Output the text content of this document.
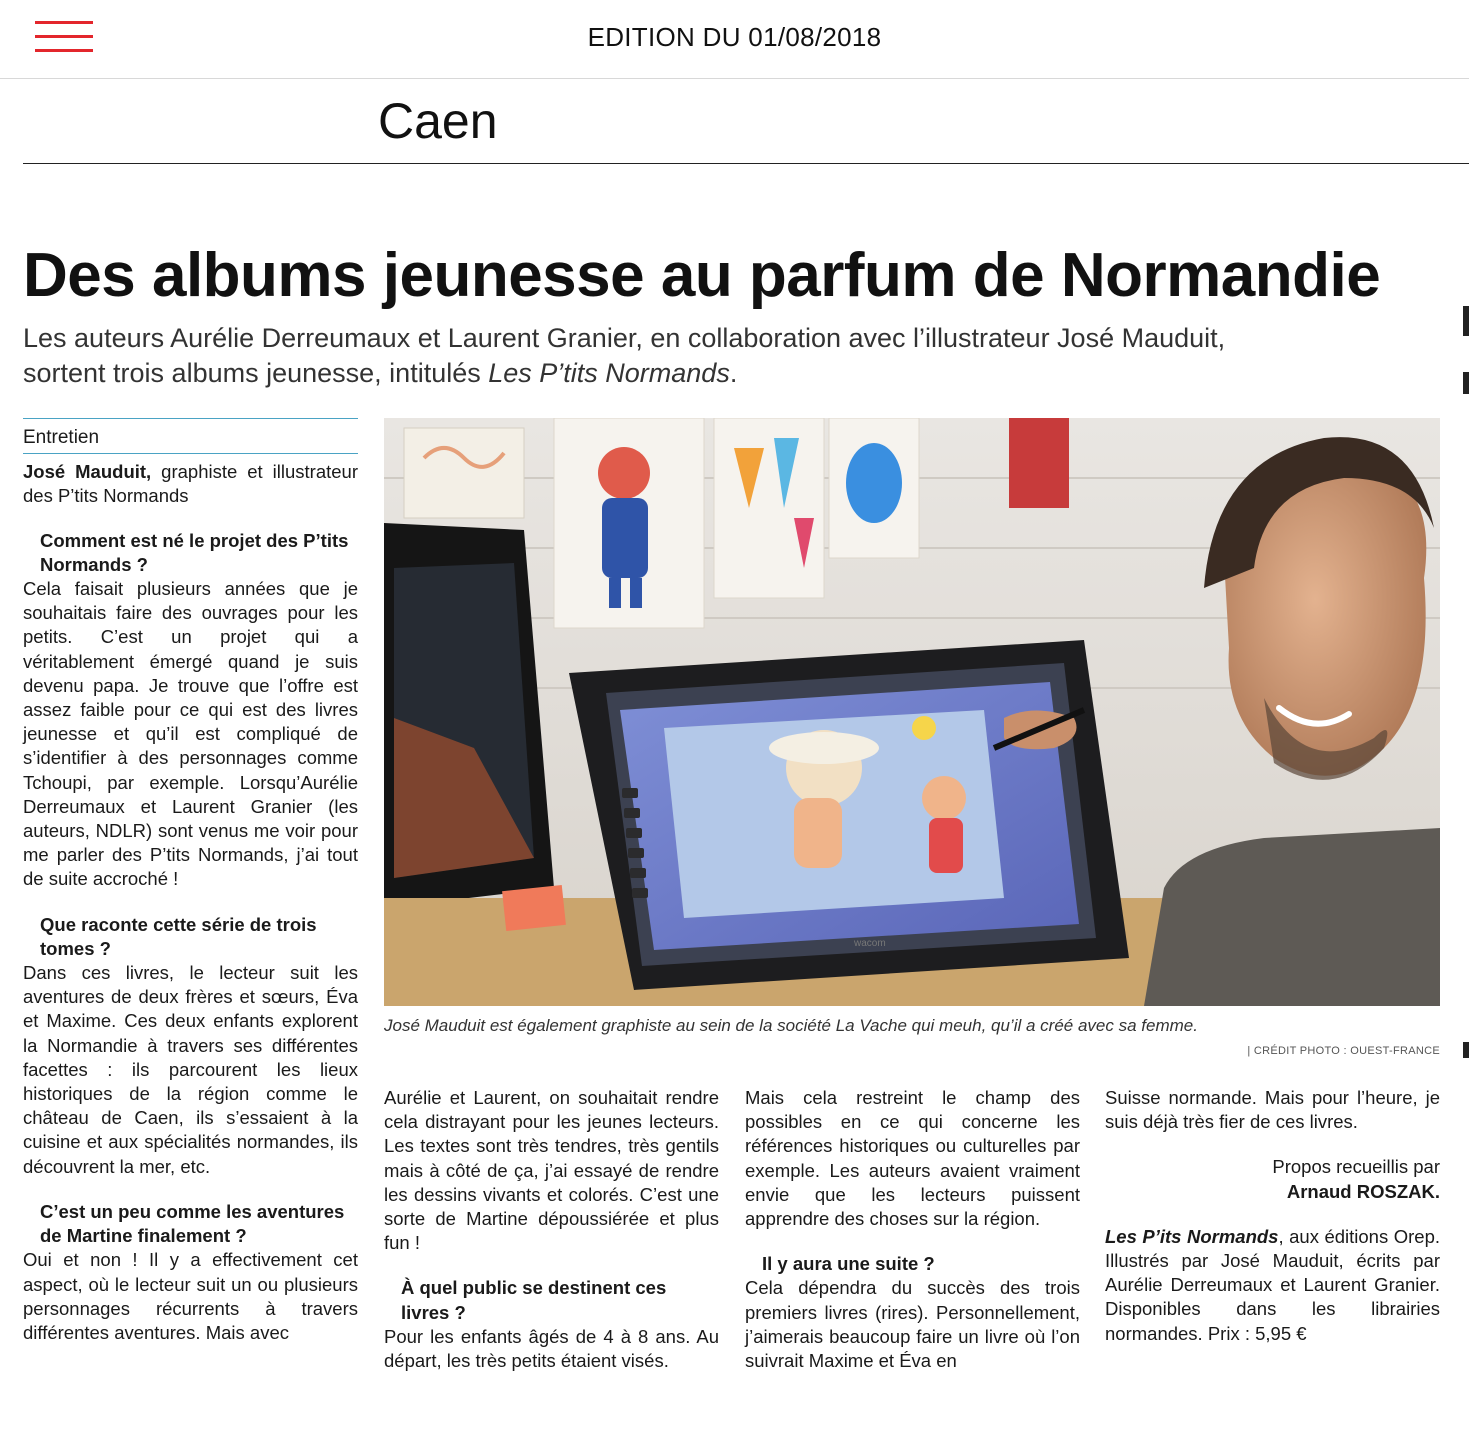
EDITION DU 01/08/2018
Caen
Des albums jeunesse au parfum de Normandie
Les auteurs Aurélie Derreumaux et Laurent Granier, en collaboration avec l’illustrateur José Mauduit, sortent trois albums jeunesse, intitulés Les P’tits Normands.
Entretien

José Mauduit, graphiste et illustrateur des P’tits Normands

Comment est né le projet des P’tits Normands ?

Cela faisait plusieurs années que je souhaitais faire des ouvrages pour les petits. C’est un projet qui a véritablement émergé quand je suis devenu papa. Je trouve que l’offre est assez faible pour ce qui est des livres jeunesse et qu’il est compliqué de s’identifier à des personnages comme Tchoupi, par exemple. Lorsqu’Aurélie Derreumaux et Laurent Granier (les auteurs, NDLR) sont venus me voir pour me parler des P’tits Normands, j’ai tout de suite accroché !

Que raconte cette série de trois tomes ?

Dans ces livres, le lecteur suit les aventures de deux frères et sœurs, Éva et Maxime. Ces deux enfants explorent la Normandie à travers ses différentes facettes : ils parcourent les lieux historiques de la région comme le château de Caen, ils s’essaient à la cuisine et aux spécialités normandes, ils découvrent la mer, etc.

C’est un peu comme les aventures de Martine finalement ?

Oui et non ! Il y a effectivement cet aspect, où le lecteur suit un ou plusieurs personnages récurrents à travers différentes aventures. Mais avec

wacom
José Mauduit est également graphiste au sein de la société La Vache qui meuh, qu’il a créé avec sa femme.
| CRÉDIT PHOTO : OUEST-FRANCE

Aurélie et Laurent, on souhaitait rendre cela distrayant pour les jeunes lecteurs. Les textes sont très tendres, très gentils mais à côté de ça, j’ai essayé de rendre les dessins vivants et colorés. C’est une sorte de Martine dépoussiérée et plus fun !

À quel public se destinent ces livres ?

Pour les enfants âgés de 4 à 8 ans. Au départ, les très petits étaient visés.

Mais cela restreint le champ des possibles en ce qui concerne les références historiques ou culturelles par exemple. Les auteurs avaient vraiment envie que les lecteurs puissent apprendre des choses sur la région.

Il y aura une suite ?

Cela dépendra du succès des trois premiers livres (rires). Personnellement, j’aimerais beaucoup faire un livre où l’on suivrait Maxime et Éva en

Suisse normande. Mais pour l’heure, je suis déjà très fier de ces livres.

Propos recueillis par

Arnaud ROSZAK.

Les P’its Normands, aux éditions Orep. Illustrés par José Mauduit, écrits par Aurélie Derreumaux et Laurent Granier. Disponibles dans les librairies normandes. Prix : 5,95 €
